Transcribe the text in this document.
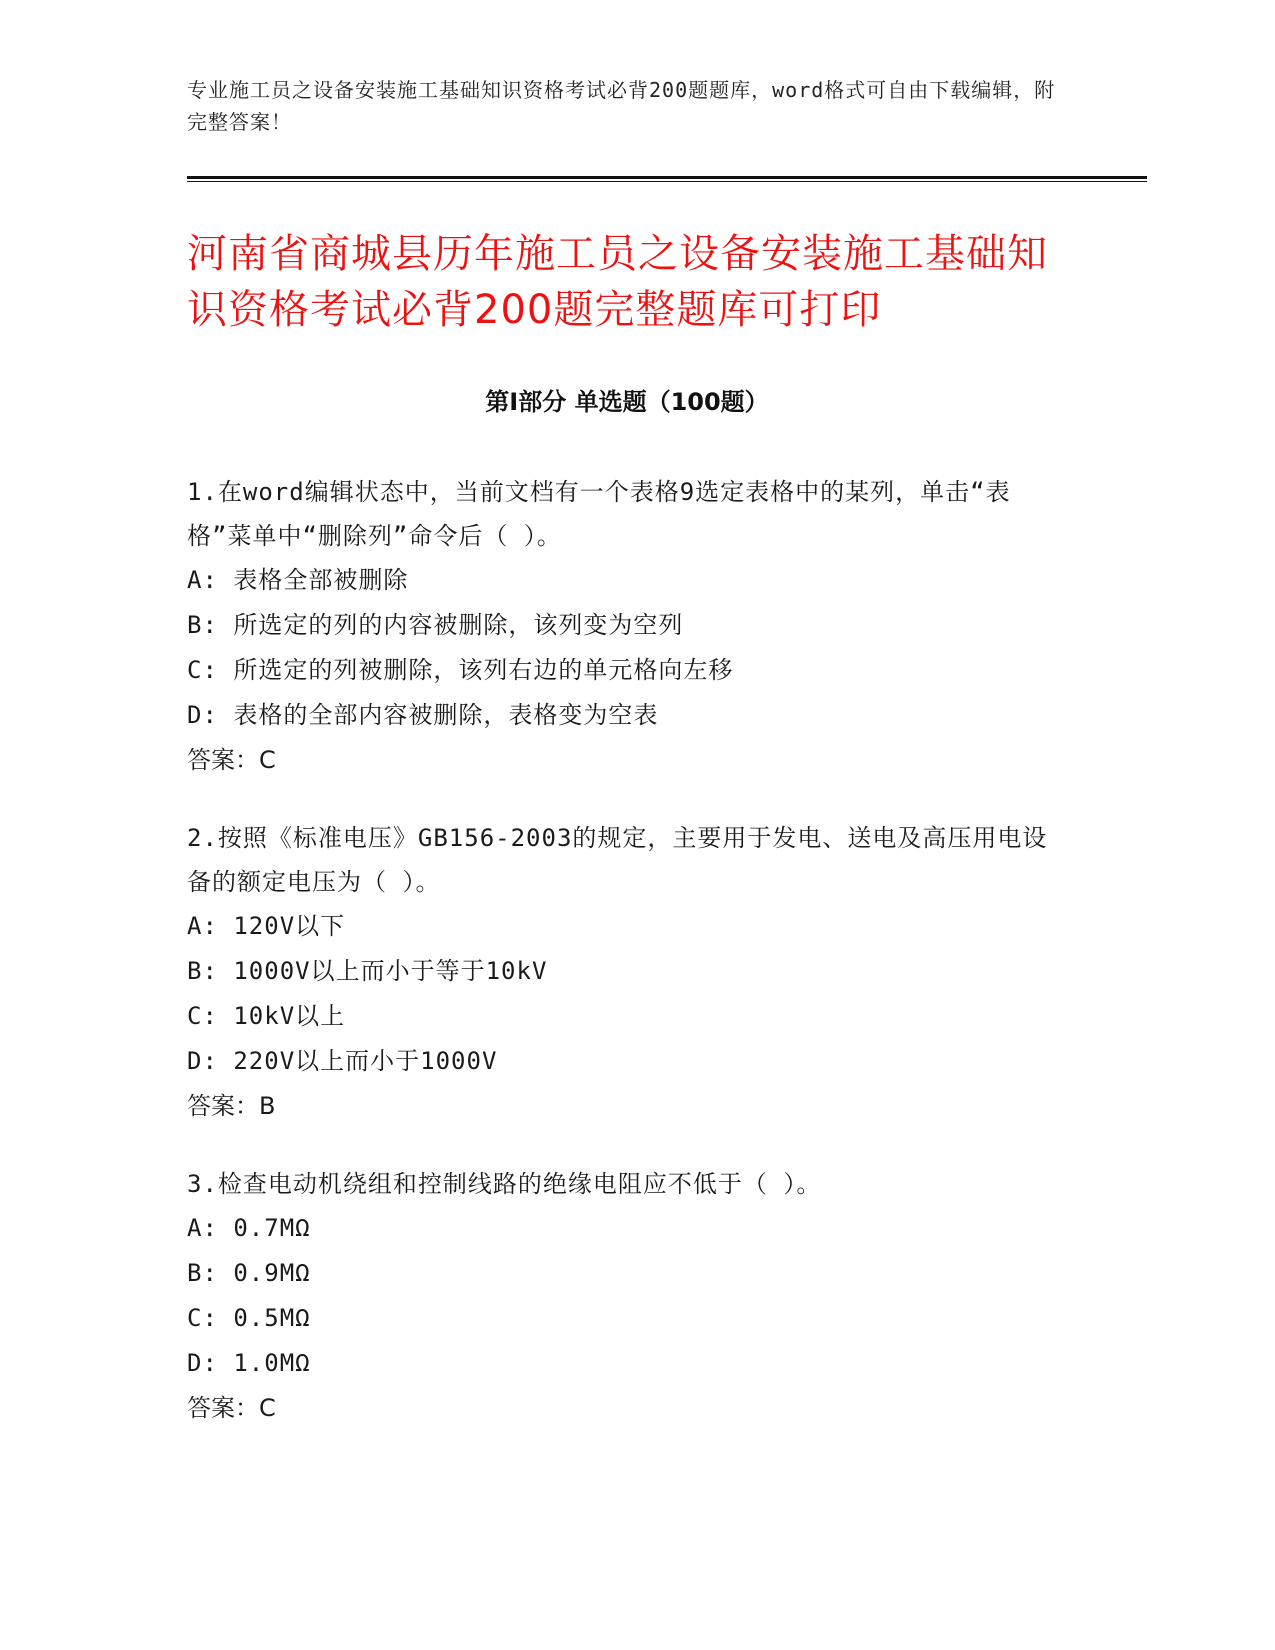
专业施工员之设备安装施工基础知识资格考试必背200题题库，word格式可自由下载编辑，附完整答案！
河南省商城县历年施工员之设备安装施工基础知识资格考试必背200题完整题库可打印
第Ⅰ部分 单选题（100题）

1.在word编辑状态中，当前文档有一个表格9选定表格中的某列，单击“表格”菜单中“删除列”命令后（ ）。

A: 表格全部被删除

B: 所选定的列的内容被删除，该列变为空列

C: 所选定的列被删除，该列右边的单元格向左移

D: 表格的全部内容被删除，表格变为空表

答案：C

2.按照《标准电压》GB156-2003的规定，主要用于发电、送电及高压用电设备的额定电压为（ ）。

A: 120V以下

B: 1000V以上而小于等于10kV

C: 10kV以上

D: 220V以上而小于1000V

答案：B

3.检查电动机绕组和控制线路的绝缘电阻应不低于（ ）。

A: 0.7MΩ

B: 0.9MΩ

C: 0.5MΩ

D: 1.0MΩ

答案：C
